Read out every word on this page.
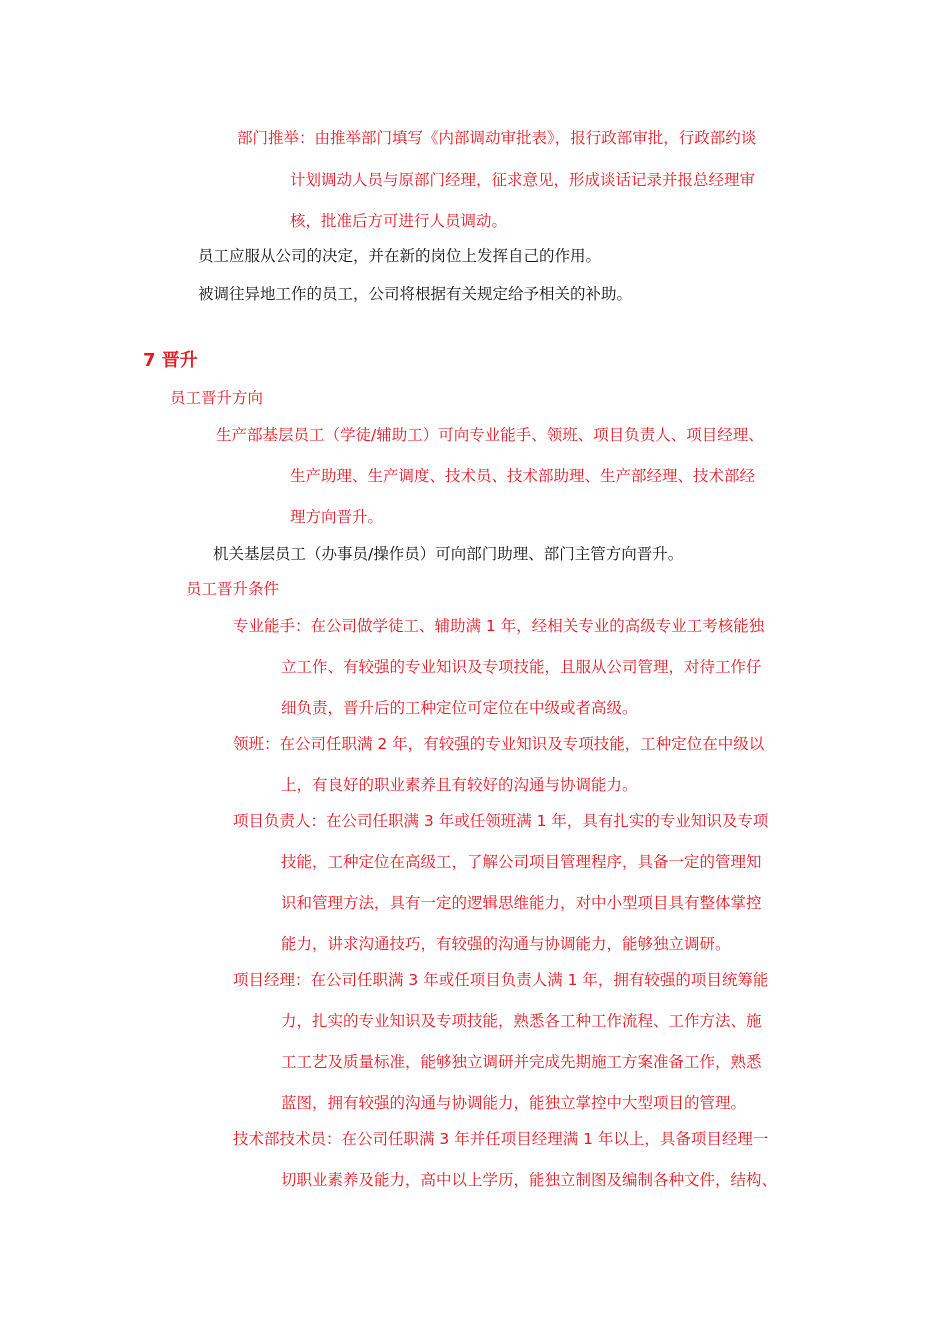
部门推举：由推举部门填写《内部调动审批表》，报行政部审批，行政部约谈
计划调动人员与原部门经理，征求意见，形成谈话记录并报总经理审
核，批准后方可进行人员调动。
员工应服从公司的决定，并在新的岗位上发挥自己的作用。
被调往异地工作的员工，公司将根据有关规定给予相关的补助。
7 晋升
员工晋升方向
生产部基层员工（学徒/辅助工）可向专业能手、领班、项目负责人、项目经理、
生产助理、生产调度、技术员、技术部助理、生产部经理、技术部经
理方向晋升。
机关基层员工（办事员/操作员）可向部门助理、部门主管方向晋升。
员工晋升条件
专业能手：在公司做学徒工、辅助满 1 年，经相关专业的高级专业工考核能独
立工作、有较强的专业知识及专项技能，且服从公司管理，对待工作仔
细负责，晋升后的工种定位可定位在中级或者高级。
领班：在公司任职满 2 年，有较强的专业知识及专项技能，工种定位在中级以
上，有良好的职业素养且有较好的沟通与协调能力。
项目负责人：在公司任职满 3 年或任领班满 1 年，具有扎实的专业知识及专项
技能，工种定位在高级工，了解公司项目管理程序，具备一定的管理知
识和管理方法，具有一定的逻辑思维能力，对中小型项目具有整体掌控
能力，讲求沟通技巧，有较强的沟通与协调能力，能够独立调研。
项目经理：在公司任职满 3 年或任项目负责人满 1 年，拥有较强的项目统筹能
力，扎实的专业知识及专项技能，熟悉各工种工作流程、工作方法、施
工工艺及质量标准，能够独立调研并完成先期施工方案准备工作，熟悉
蓝图，拥有较强的沟通与协调能力，能独立掌控中大型项目的管理。
技术部技术员：在公司任职满 3 年并任项目经理满 1 年以上，具备项目经理一
切职业素养及能力，高中以上学历，能独立制图及编制各种文件，结构、
